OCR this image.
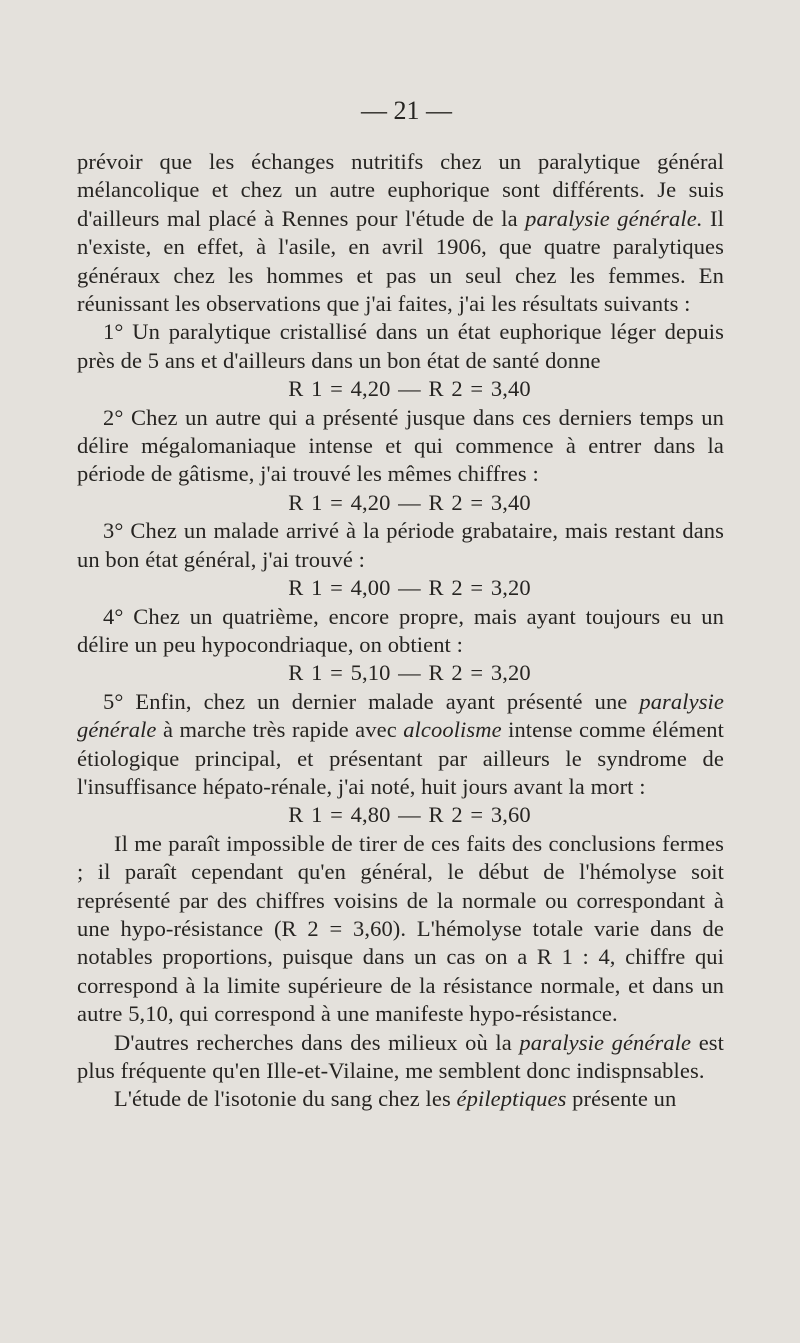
— 21 —

prévoir que les échanges nutritifs chez un paralytique général mélancolique et chez un autre euphorique sont différents. Je suis d'ailleurs mal placé à Rennes pour l'étude de la paralysie générale. Il n'existe, en effet, à l'asile, en avril 1906, que quatre paralytiques généraux chez les hommes et pas un seul chez les femmes. En réunissant les observations que j'ai faites, j'ai les résultats suivants :

1° Un paralytique cristallisé dans un état euphorique léger depuis près de 5 ans et d'ailleurs dans un bon état de santé donne

R 1 = 4,20 — R 2 = 3,40

2° Chez un autre qui a présenté jusque dans ces derniers temps un délire mégalomaniaque intense et qui commence à entrer dans la période de gâtisme, j'ai trouvé les mêmes chiffres :

R 1 = 4,20 — R 2 = 3,40

3° Chez un malade arrivé à la période grabataire, mais restant dans un bon état général, j'ai trouvé :

R 1 = 4,00 — R 2 = 3,20

4° Chez un quatrième, encore propre, mais ayant toujours eu un délire un peu hypocondriaque, on obtient :

R 1 = 5,10 — R 2 = 3,20

5° Enfin, chez un dernier malade ayant présenté une paralysie générale à marche très rapide avec alcoolisme intense comme élément étiologique principal, et présentant par ailleurs le syndrome de l'insuffisance hépato-rénale, j'ai noté, huit jours avant la mort :

R 1 = 4,80 — R 2 = 3,60

Il me paraît impossible de tirer de ces faits des conclusions fermes ; il paraît cependant qu'en général, le début de l'hémolyse soit représenté par des chiffres voisins de la normale ou correspondant à une hypo-résistance (R 2 = 3,60). L'hémolyse totale varie dans de notables proportions, puisque dans un cas on a R 1 : 4, chiffre qui correspond à la limite supérieure de la résistance normale, et dans un autre 5,10, qui correspond à une manifeste hypo-résistance.

D'autres recherches dans des milieux où la paralysie générale est plus fréquente qu'en Ille-et-Vilaine, me semblent donc indispnsables.

L'étude de l'isotonie du sang chez les épileptiques présente un
